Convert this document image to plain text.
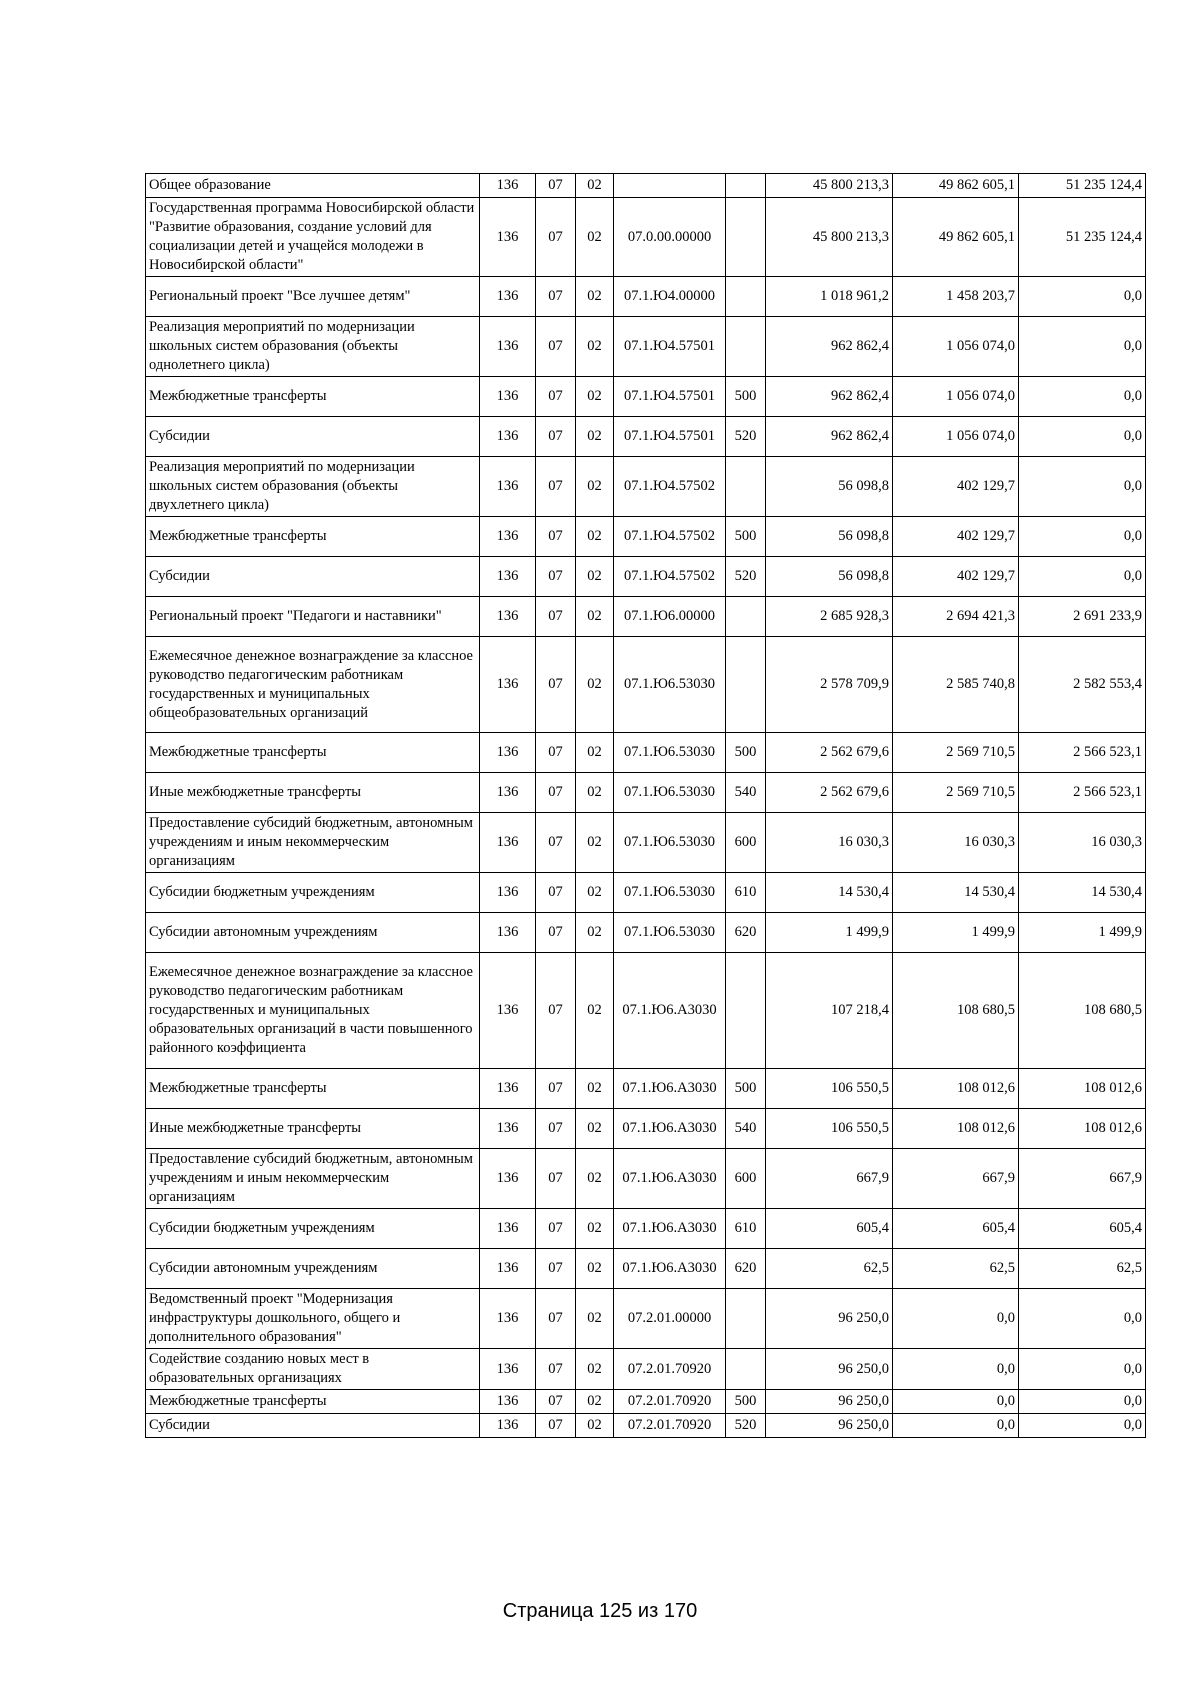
Общее образование	136	07	02			45 800 213,3	49 862 605,1	51 235 124,4
Государственная программа Новосибирской области "Развитие образования, создание условий для социализации детей и учащейся молодежи в Новосибирской области"	136	07	02	07.0.00.00000		45 800 213,3	49 862 605,1	51 235 124,4
Региональный проект "Все лучшее детям"	136	07	02	07.1.Ю4.00000		1 018 961,2	1 458 203,7	0,0
Реализация мероприятий по модернизации школьных систем образования (объекты однолетнего цикла)	136	07	02	07.1.Ю4.57501		962 862,4	1 056 074,0	0,0
Межбюджетные трансферты	136	07	02	07.1.Ю4.57501	500	962 862,4	1 056 074,0	0,0
Субсидии	136	07	02	07.1.Ю4.57501	520	962 862,4	1 056 074,0	0,0
Реализация мероприятий по модернизации школьных систем образования (объекты двухлетнего цикла)	136	07	02	07.1.Ю4.57502		56 098,8	402 129,7	0,0
Межбюджетные трансферты	136	07	02	07.1.Ю4.57502	500	56 098,8	402 129,7	0,0
Субсидии	136	07	02	07.1.Ю4.57502	520	56 098,8	402 129,7	0,0
Региональный проект "Педагоги и наставники"	136	07	02	07.1.Ю6.00000		2 685 928,3	2 694 421,3	2 691 233,9
Ежемесячное денежное вознаграждение за классное руководство педагогическим работникам государственных и муниципальных общеобразовательных организаций	136	07	02	07.1.Ю6.53030		2 578 709,9	2 585 740,8	2 582 553,4
Межбюджетные трансферты	136	07	02	07.1.Ю6.53030	500	2 562 679,6	2 569 710,5	2 566 523,1
Иные межбюджетные трансферты	136	07	02	07.1.Ю6.53030	540	2 562 679,6	2 569 710,5	2 566 523,1
Предоставление субсидий бюджетным, автономным учреждениям и иным некоммерческим организациям	136	07	02	07.1.Ю6.53030	600	16 030,3	16 030,3	16 030,3
Субсидии бюджетным учреждениям	136	07	02	07.1.Ю6.53030	610	14 530,4	14 530,4	14 530,4
Субсидии автономным учреждениям	136	07	02	07.1.Ю6.53030	620	1 499,9	1 499,9	1 499,9
Ежемесячное денежное вознаграждение за классное руководство педагогическим работникам государственных и муниципальных образовательных организаций в части повышенного районного коэффициента	136	07	02	07.1.Ю6.А3030		107 218,4	108 680,5	108 680,5
Межбюджетные трансферты	136	07	02	07.1.Ю6.А3030	500	106 550,5	108 012,6	108 012,6
Иные межбюджетные трансферты	136	07	02	07.1.Ю6.А3030	540	106 550,5	108 012,6	108 012,6
Предоставление субсидий бюджетным, автономным учреждениям и иным некоммерческим организациям	136	07	02	07.1.Ю6.А3030	600	667,9	667,9	667,9
Субсидии бюджетным учреждениям	136	07	02	07.1.Ю6.А3030	610	605,4	605,4	605,4
Субсидии автономным учреждениям	136	07	02	07.1.Ю6.А3030	620	62,5	62,5	62,5
Ведомственный проект "Модернизация инфраструктуры дошкольного, общего и дополнительного образования"	136	07	02	07.2.01.00000		96 250,0	0,0	0,0
Содействие созданию новых мест в образовательных организациях	136	07	02	07.2.01.70920		96 250,0	0,0	0,0
Межбюджетные трансферты	136	07	02	07.2.01.70920	500	96 250,0	0,0	0,0
Субсидии	136	07	02	07.2.01.70920	520	96 250,0	0,0	0,0
Страница 125 из 170
